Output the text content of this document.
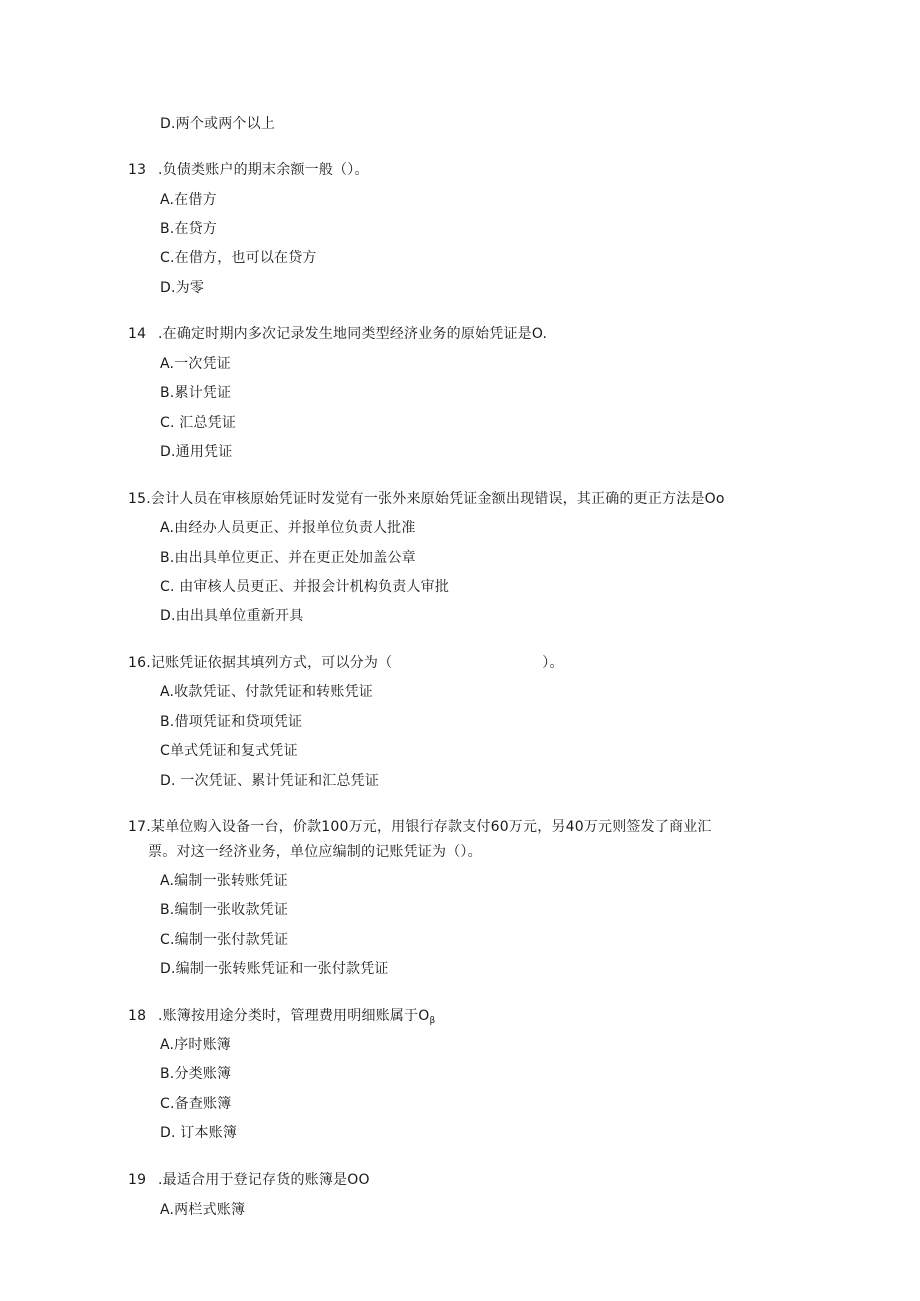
D.两个或两个以上
13 .负债类账户的期末余额一般（）。
A.在借方
B.在贷方
C.在借方，也可以在贷方
D.为零
14 .在确定时期内多次记录发生地同类型经济业务的原始凭证是O.
A.一次凭证
B.累计凭证
C. 汇总凭证
D.通用凭证
15.会计人员在审核原始凭证时发觉有一张外来原始凭证金额出现错误，其正确的更正方法是Oo
A.由经办人员更正、并报单位负责人批准
B.由出具单位更正、并在更正处加盖公章
C. 由审核人员更正、并报会计机构负责人审批
D.由出具单位重新开具
16.记账凭证依据其填列方式，可以分为（	）。
A.收款凭证、付款凭证和转账凭证
B.借项凭证和贷项凭证
C单式凭证和复式凭证
D. 一次凭证、累计凭证和汇总凭证
17.某单位购入设备一台，价款100万元，用银行存款支付60万元，另40万元则签发了商业汇
票。对这一经济业务，单位应编制的记账凭证为（）。
A.编制一张转账凭证
B.编制一张收款凭证
C.编制一张付款凭证
D.编制一张转账凭证和一张付款凭证
18 .账簿按用途分类时，管理费用明细账属于$O_\beta$
A.序时账簿
B.分类账簿
C.备查账簿
D. 订本账簿
19 .最适合用于登记存货的账簿是OO
A.两栏式账簿
